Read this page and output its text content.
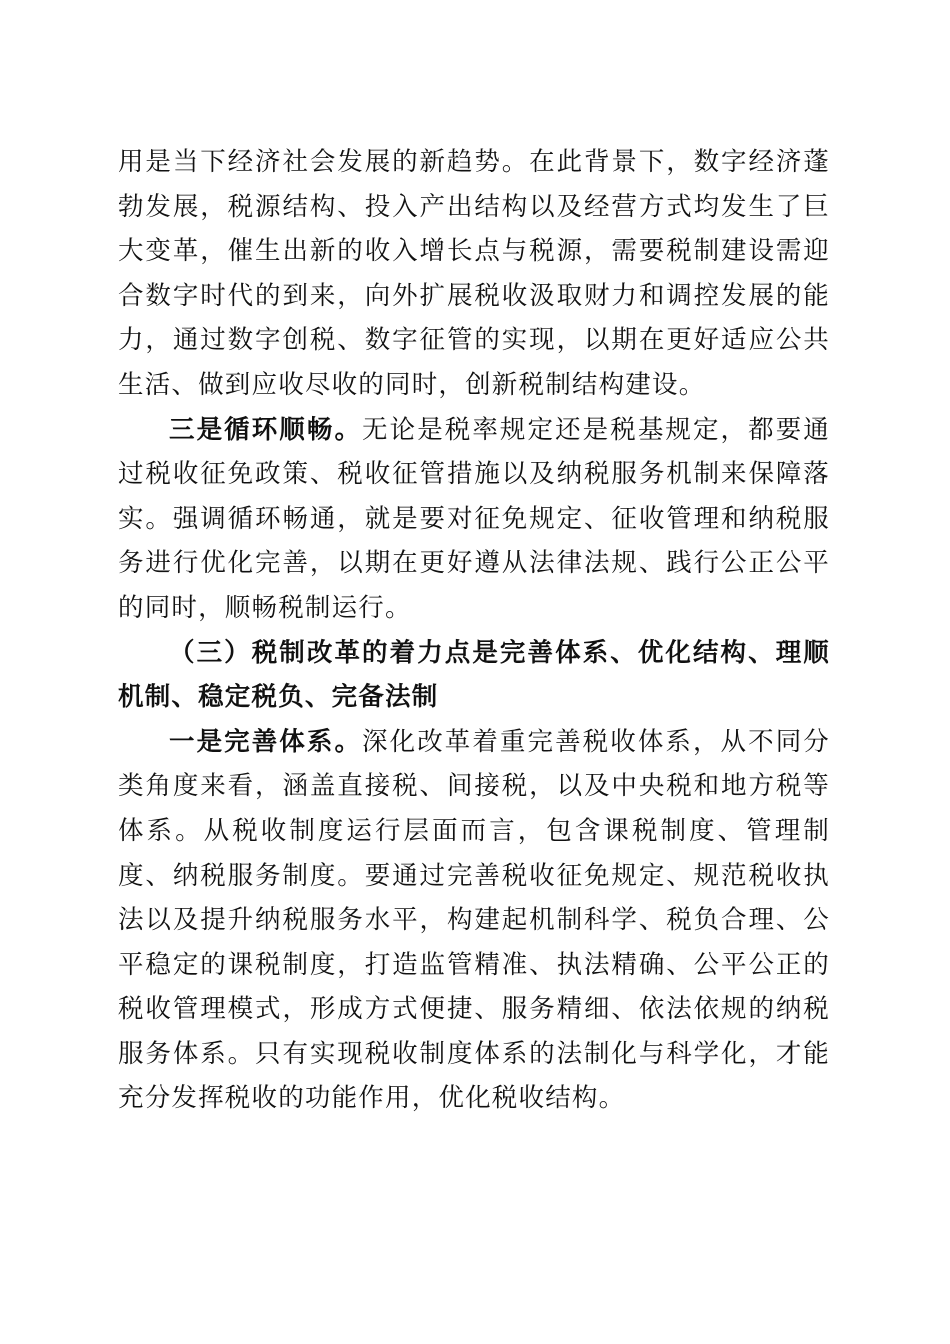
用是当下经济社会发展的新趋势。在此背景下，数字经济蓬勃发展，税源结构、投入产出结构以及经营方式均发生了巨大变革，催生出新的收入增长点与税源，需要税制建设需迎合数字时代的到来，向外扩展税收汲取财力和调控发展的能力，通过数字创税、数字征管的实现，以期在更好适应公共生活、做到应收尽收的同时，创新税制结构建设。

三是循环顺畅。无论是税率规定还是税基规定，都要通过税收征免政策、税收征管措施以及纳税服务机制来保障落实。强调循环畅通，就是要对征免规定、征收管理和纳税服务进行优化完善，以期在更好遵从法律法规、践行公正公平的同时，顺畅税制运行。

（三）税制改革的着力点是完善体系、优化结构、理顺机制、稳定税负、完备法制

一是完善体系。深化改革着重完善税收体系，从不同分类角度来看，涵盖直接税、间接税，以及中央税和地方税等体系。从税收制度运行层面而言，包含课税制度、管理制度、纳税服务制度。要通过完善税收征免规定、规范税收执法以及提升纳税服务水平，构建起机制科学、税负合理、公平稳定的课税制度，打造监管精准、执法精确、公平公正的税收管理模式，形成方式便捷、服务精细、依法依规的纳税服务体系。只有实现税收制度体系的法制化与科学化，才能充分发挥税收的功能作用，优化税收结构。
